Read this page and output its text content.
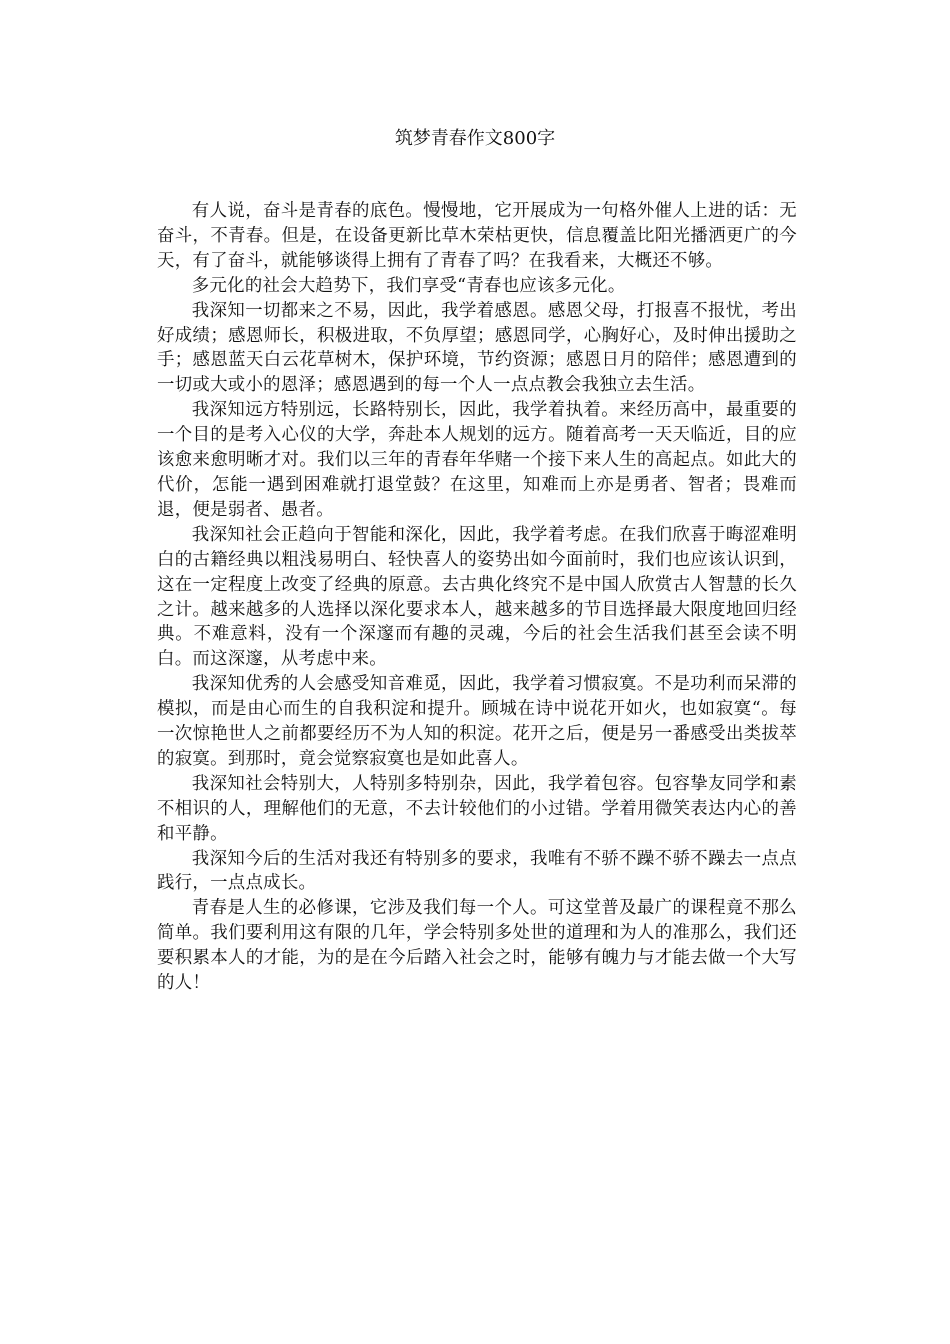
筑梦青春作文800字

有人说，奋斗是青春的底色。慢慢地，它开展成为一句格外催人上进的话：无奋斗，不青春。但是，在设备更新比草木荣枯更快，信息覆盖比阳光播洒更广的今天，有了奋斗，就能够谈得上拥有了青春了吗？在我看来，大概还不够。

多元化的社会大趋势下，我们享受“青春也应该多元化。

我深知一切都来之不易，因此，我学着感恩。感恩父母，打报喜不报忧，考出好成绩；感恩师长，积极进取，不负厚望；感恩同学，心胸好心，及时伸出援助之手；感恩蓝天白云花草树木，保护环境，节约资源；感恩日月的陪伴；感恩遭到的一切或大或小的恩泽；感恩遇到的每一个人一点点教会我独立去生活。

我深知远方特别远，长路特别长，因此，我学着执着。来经历高中，最重要的一个目的是考入心仪的大学，奔赴本人规划的远方。随着高考一天天临近，目的应该愈来愈明晰才对。我们以三年的青春年华赌一个接下来人生的高起点。如此大的代价，怎能一遇到困难就打退堂鼓？在这里，知难而上亦是勇者、智者；畏难而退，便是弱者、愚者。

我深知社会正趋向于智能和深化，因此，我学着考虑。在我们欣喜于晦涩难明白的古籍经典以粗浅易明白、轻快喜人的姿势出如今面前时，我们也应该认识到，这在一定程度上改变了经典的原意。去古典化终究不是中国人欣赏古人智慧的长久之计。越来越多的人选择以深化要求本人，越来越多的节目选择最大限度地回归经典。不难意料，没有一个深邃而有趣的灵魂，今后的社会生活我们甚至会读不明白。而这深邃，从考虑中来。

我深知优秀的人会感受知音难觅，因此，我学着习惯寂寞。不是功利而呆滞的模拟，而是由心而生的自我积淀和提升。顾城在诗中说花开如火，也如寂寞“。每一次惊艳世人之前都要经历不为人知的积淀。花开之后，便是另一番感受出类拔萃的寂寞。到那时，竟会觉察寂寞也是如此喜人。

我深知社会特别大，人特别多特别杂，因此，我学着包容。包容挚友同学和素不相识的人，理解他们的无意，不去计较他们的小过错。学着用微笑表达内心的善和平静。

我深知今后的生活对我还有特别多的要求，我唯有不骄不躁不骄不躁去一点点践行，一点点成长。

青春是人生的必修课，它涉及我们每一个人。可这堂普及最广的课程竟不那么简单。我们要利用这有限的几年，学会特别多处世的道理和为人的准那么，我们还要积累本人的才能，为的是在今后踏入社会之时，能够有魄力与才能去做一个大写的人！
